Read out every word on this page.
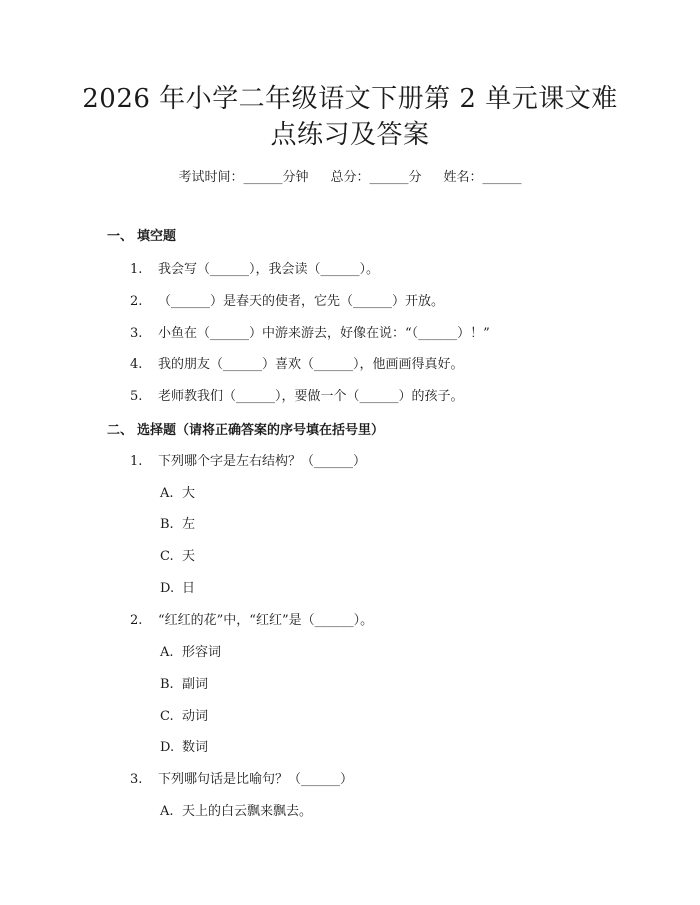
2026 年小学二年级语文下册第 2 单元课文难
点练习及答案
考试时间：______分钟 总分：______分 姓名：______
一、 填空题
1. 我会写（______），我会读（______）。
2. （______）是春天的使者，它先（______）开放。
3. 小鱼在（______）中游来游去，好像在说：“（______）！”
4. 我的朋友（______）喜欢（______），他画画得真好。
5. 老师教我们（______），要做一个（______）的孩子。
二、 选择题（请将正确答案的序号填在括号里）
1. 下列哪个字是左右结构？（______）
A. 大
B. 左
C. 天
D. 日
2. “红红的花”中，“红红”是（______）。
A. 形容词
B. 副词
C. 动词
D. 数词
3. 下列哪句话是比喻句？（______）
A. 天上的白云飘来飘去。
